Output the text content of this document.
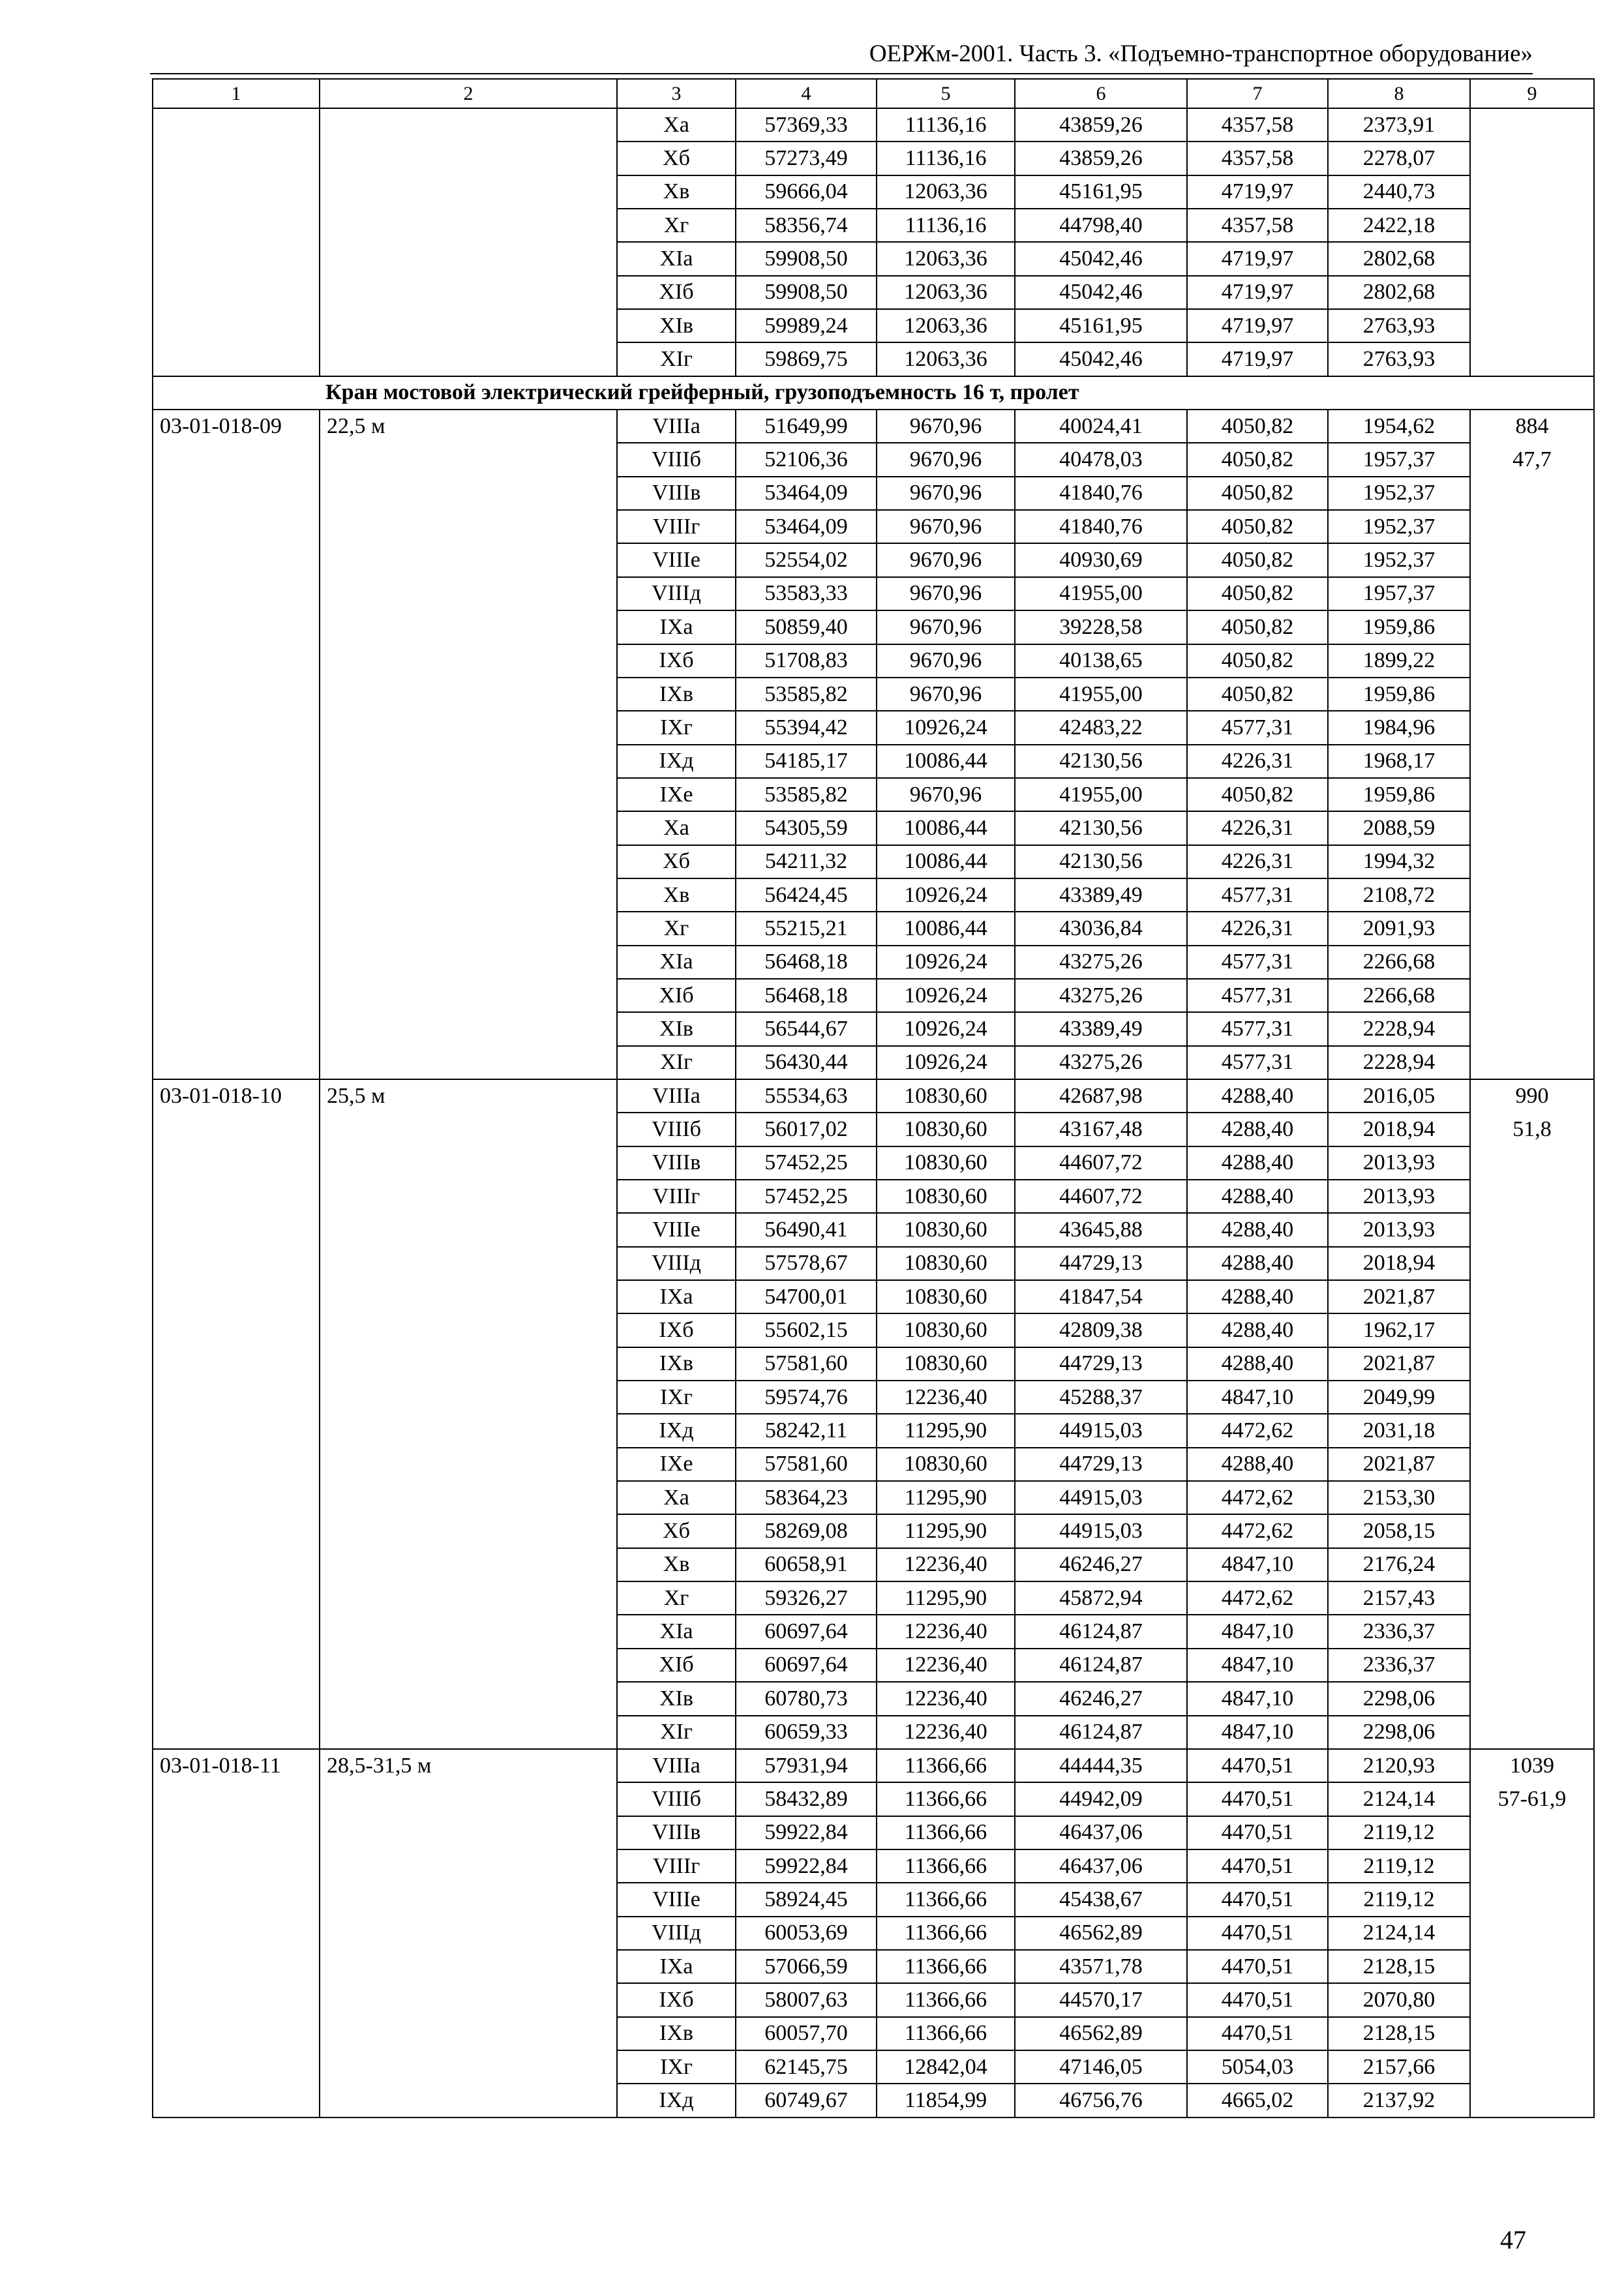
ОЕРЖм-2001. Часть 3. «Подъемно-транспортное оборудование»
1	2	3	4	5	6	7	8	9
		Xа	57369,33	11136,16	43859,26	4357,58	2373,91	
		Xб	57273,49	11136,16	43859,26	4357,58	2278,07	
		Xв	59666,04	12063,36	45161,95	4719,97	2440,73	
		Xг	58356,74	11136,16	44798,40	4357,58	2422,18	
		XIа	59908,50	12063,36	45042,46	4719,97	2802,68	
		XIб	59908,50	12063,36	45042,46	4719,97	2802,68	
		XIв	59989,24	12063,36	45161,95	4719,97	2763,93	
		XIг	59869,75	12063,36	45042,46	4719,97	2763,93	
Кран мостовой электрический грейферный, грузоподъемность 16 т, пролет								
03-01-018-09	22,5 м	VIIIа	51649,99	9670,96	40024,41	4050,82	1954,62	884
		VIIIб	52106,36	9670,96	40478,03	4050,82	1957,37	47,7
		VIIIв	53464,09	9670,96	41840,76	4050,82	1952,37	
		VIIIг	53464,09	9670,96	41840,76	4050,82	1952,37	
		VIIIе	52554,02	9670,96	40930,69	4050,82	1952,37	
		VIIIд	53583,33	9670,96	41955,00	4050,82	1957,37	
		IXа	50859,40	9670,96	39228,58	4050,82	1959,86	
		IXб	51708,83	9670,96	40138,65	4050,82	1899,22	
		IXв	53585,82	9670,96	41955,00	4050,82	1959,86	
		IXг	55394,42	10926,24	42483,22	4577,31	1984,96	
		IXд	54185,17	10086,44	42130,56	4226,31	1968,17	
		IXе	53585,82	9670,96	41955,00	4050,82	1959,86	
		Xа	54305,59	10086,44	42130,56	4226,31	2088,59	
		Xб	54211,32	10086,44	42130,56	4226,31	1994,32	
		Xв	56424,45	10926,24	43389,49	4577,31	2108,72	
		Xг	55215,21	10086,44	43036,84	4226,31	2091,93	
		XIа	56468,18	10926,24	43275,26	4577,31	2266,68	
		XIб	56468,18	10926,24	43275,26	4577,31	2266,68	
		XIв	56544,67	10926,24	43389,49	4577,31	2228,94	
		XIг	56430,44	10926,24	43275,26	4577,31	2228,94	
03-01-018-10	25,5 м	VIIIа	55534,63	10830,60	42687,98	4288,40	2016,05	990
		VIIIб	56017,02	10830,60	43167,48	4288,40	2018,94	51,8
		VIIIв	57452,25	10830,60	44607,72	4288,40	2013,93	
		VIIIг	57452,25	10830,60	44607,72	4288,40	2013,93	
		VIIIе	56490,41	10830,60	43645,88	4288,40	2013,93	
		VIIIд	57578,67	10830,60	44729,13	4288,40	2018,94	
		IXа	54700,01	10830,60	41847,54	4288,40	2021,87	
		IXб	55602,15	10830,60	42809,38	4288,40	1962,17	
		IXв	57581,60	10830,60	44729,13	4288,40	2021,87	
		IXг	59574,76	12236,40	45288,37	4847,10	2049,99	
		IXд	58242,11	11295,90	44915,03	4472,62	2031,18	
		IXе	57581,60	10830,60	44729,13	4288,40	2021,87	
		Xа	58364,23	11295,90	44915,03	4472,62	2153,30	
		Xб	58269,08	11295,90	44915,03	4472,62	2058,15	
		Xв	60658,91	12236,40	46246,27	4847,10	2176,24	
		Xг	59326,27	11295,90	45872,94	4472,62	2157,43	
		XIа	60697,64	12236,40	46124,87	4847,10	2336,37	
		XIб	60697,64	12236,40	46124,87	4847,10	2336,37	
		XIв	60780,73	12236,40	46246,27	4847,10	2298,06	
		XIг	60659,33	12236,40	46124,87	4847,10	2298,06	
03-01-018-11	28,5-31,5 м	VIIIа	57931,94	11366,66	44444,35	4470,51	2120,93	1039
		VIIIб	58432,89	11366,66	44942,09	4470,51	2124,14	57-61,9
		VIIIв	59922,84	11366,66	46437,06	4470,51	2119,12	
		VIIIг	59922,84	11366,66	46437,06	4470,51	2119,12	
		VIIIе	58924,45	11366,66	45438,67	4470,51	2119,12	
		VIIIд	60053,69	11366,66	46562,89	4470,51	2124,14	
		IXа	57066,59	11366,66	43571,78	4470,51	2128,15	
		IXб	58007,63	11366,66	44570,17	4470,51	2070,80	
		IXв	60057,70	11366,66	46562,89	4470,51	2128,15	
		IXг	62145,75	12842,04	47146,05	5054,03	2157,66	
		IXд	60749,67	11854,99	46756,76	4665,02	2137,92	
47
